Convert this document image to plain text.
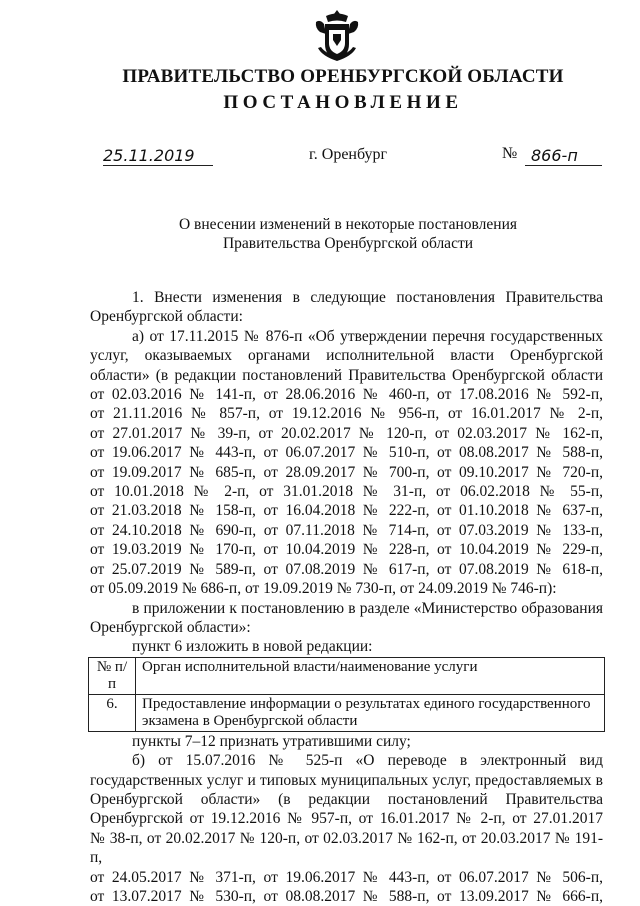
ПРАВИТЕЛЬСТВО ОРЕНБУРГСКОЙ ОБЛАСТИ
ПОСТАНОВЛЕНИЕ
25.11.2019	г. Оренбург	№ 866-п
О внесении изменений в некоторые постановления
Правительства Оренбургской области

1. Внести изменения в следующие постановления Правительства

Оренбургской области:

а) от 17.11.2015 № 876-п «Об утверждении перечня государственных

услуг, оказываемых органами исполнительной власти Оренбургской

области» (в редакции постановлений Правительства Оренбургской области

от 02.03.2016 № 141-п, от 28.06.2016 № 460-п, от 17.08.2016 № 592-п,

от 21.11.2016 № 857-п, от 19.12.2016 № 956-п, от 16.01.2017 № 2-п,

от 27.01.2017 № 39-п, от 20.02.2017 № 120-п, от 02.03.2017 № 162-п,

от 19.06.2017 № 443-п, от 06.07.2017 № 510-п, от 08.08.2017 № 588-п,

от 19.09.2017 № 685-п, от 28.09.2017 № 700-п, от 09.10.2017 № 720-п,

от 10.01.2018 № 2-п, от 31.01.2018 № 31-п, от 06.02.2018 № 55-п,

от 21.03.2018 № 158-п, от 16.04.2018 № 222-п, от 01.10.2018 № 637-п,

от 24.10.2018 № 690-п, от 07.11.2018 № 714-п, от 07.03.2019 № 133-п,

от 19.03.2019 № 170-п, от 10.04.2019 № 228-п, от 10.04.2019 № 229-п,

от 25.07.2019 № 589-п, от 07.08.2019 № 617-п, от 07.08.2019 № 618-п,

от 05.09.2019 № 686-п, от 19.09.2019 № 730-п, от 24.09.2019 № 746-п):

в приложении к постановлению в разделе «Министерство образования

Оренбургской области»:

пункт 6 изложить в новой редакции:

№ п/п	Орган исполнительной власти/наименование услуги
6.	Предоставление информации о результатах единого государственного экзамена в Оренбургской области

пункты 7–12 признать утратившими силу;

б) от 15.07.2016 № 525-п «О переводе в электронный вид

государственных услуг и типовых муниципальных услуг, предоставляемых в

Оренбургской области» (в редакции постановлений Правительства

Оренбургской от 19.12.2016 № 957-п, от 16.01.2017 № 2-п, от 27.01.2017

№ 38-п, от 20.02.2017 № 120-п, от 02.03.2017 № 162-п, от 20.03.2017 № 191-п,

от 24.05.2017 № 371-п, от 19.06.2017 № 443-п, от 06.07.2017 № 506-п,

от 13.07.2017 № 530-п, от 08.08.2017 № 588-п, от 13.09.2017 № 666-п,
